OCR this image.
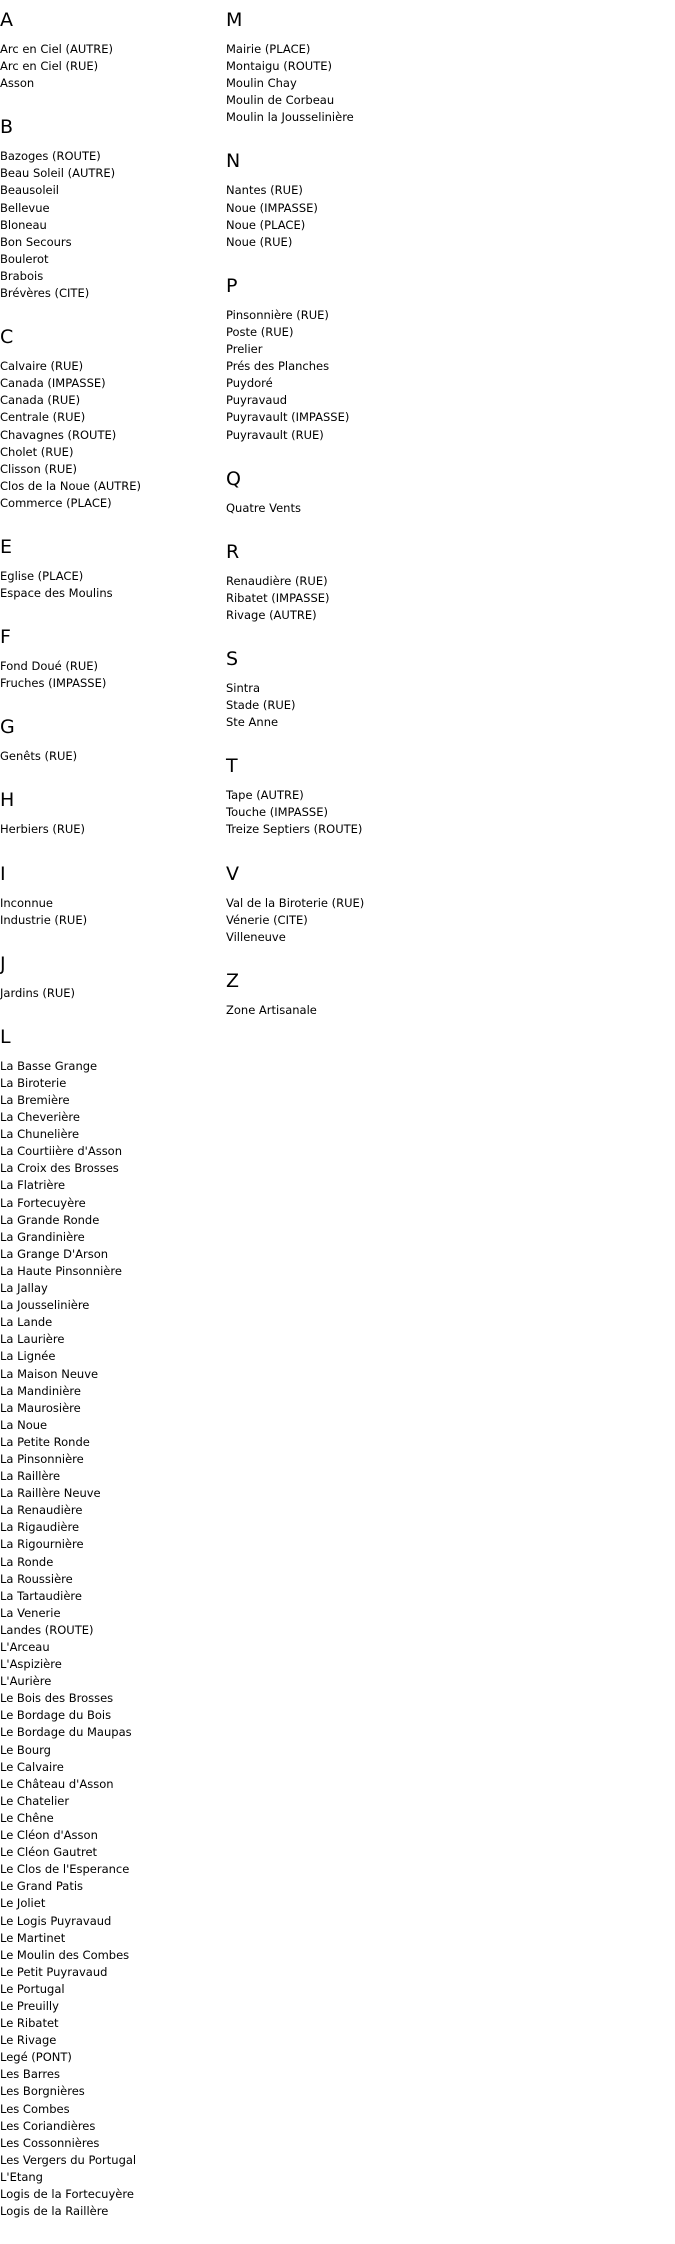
A
Arc en Ciel (AUTRE)
Arc en Ciel (RUE)
Asson
B
Bazoges (ROUTE)
Beau Soleil (AUTRE)
Beausoleil
Bellevue
Bloneau
Bon Secours
Boulerot
Brabois
Brévères (CITE)
C
Calvaire (RUE)
Canada (IMPASSE)
Canada (RUE)
Centrale (RUE)
Chavagnes (ROUTE)
Cholet (RUE)
Clisson (RUE)
Clos de la Noue (AUTRE)
Commerce (PLACE)
E
Eglise (PLACE)
Espace des Moulins
F
Fond Doué (RUE)
Fruches (IMPASSE)
G
Genêts (RUE)
H
Herbiers (RUE)
I
Inconnue
Industrie (RUE)
J
Jardins (RUE)
L
La Basse Grange
La Biroterie
La Bremière
La Cheverière
La Chunelière
La Courtiière d'Asson
La Croix des Brosses
La Flatrière
La Fortecuyère
La Grande Ronde
La Grandinière
La Grange D'Arson
La Haute Pinsonnière
La Jallay
La Jousselinière
La Lande
La Laurière
La Lignée
La Maison Neuve
La Mandinière
La Maurosière
La Noue
La Petite Ronde
La Pinsonnière
La Raillère
La Raillère Neuve
La Renaudière
La Rigaudière
La Rigournière
La Ronde
La Roussière
La Tartaudière
La Venerie
Landes (ROUTE)
L'Arceau
L'Aspizière
L'Aurière
Le Bois des Brosses
Le Bordage du Bois
Le Bordage du Maupas
Le Bourg
Le Calvaire
Le Château d'Asson
Le Chatelier
Le Chêne
Le Cléon d'Asson
Le Cléon Gautret
Le Clos de l'Esperance
Le Grand Patis
Le Joliet
Le Logis Puyravaud
Le Martinet
Le Moulin des Combes
Le Petit Puyravaud
Le Portugal
Le Preuilly
Le Ribatet
Le Rivage
Legé (PONT)
Les Barres
Les Borgnières
Les Combes
Les Coriandières
Les Cossonnières
Les Vergers du Portugal
L'Etang
Logis de la Fortecuyère
Logis de la Raillère
M
Mairie (PLACE)
Montaigu (ROUTE)
Moulin Chay
Moulin de Corbeau
Moulin la Jousselinière
N
Nantes (RUE)
Noue (IMPASSE)
Noue (PLACE)
Noue (RUE)
P
Pinsonnière (RUE)
Poste (RUE)
Prelier
Prés des Planches
Puydoré
Puyravaud
Puyravault (IMPASSE)
Puyravault (RUE)
Q
Quatre Vents
R
Renaudière (RUE)
Ribatet (IMPASSE)
Rivage (AUTRE)
S
Sintra
Stade (RUE)
Ste Anne
T
Tape (AUTRE)
Touche (IMPASSE)
Treize Septiers (ROUTE)
V
Val de la Biroterie (RUE)
Vénerie (CITE)
Villeneuve
Z
Zone Artisanale
